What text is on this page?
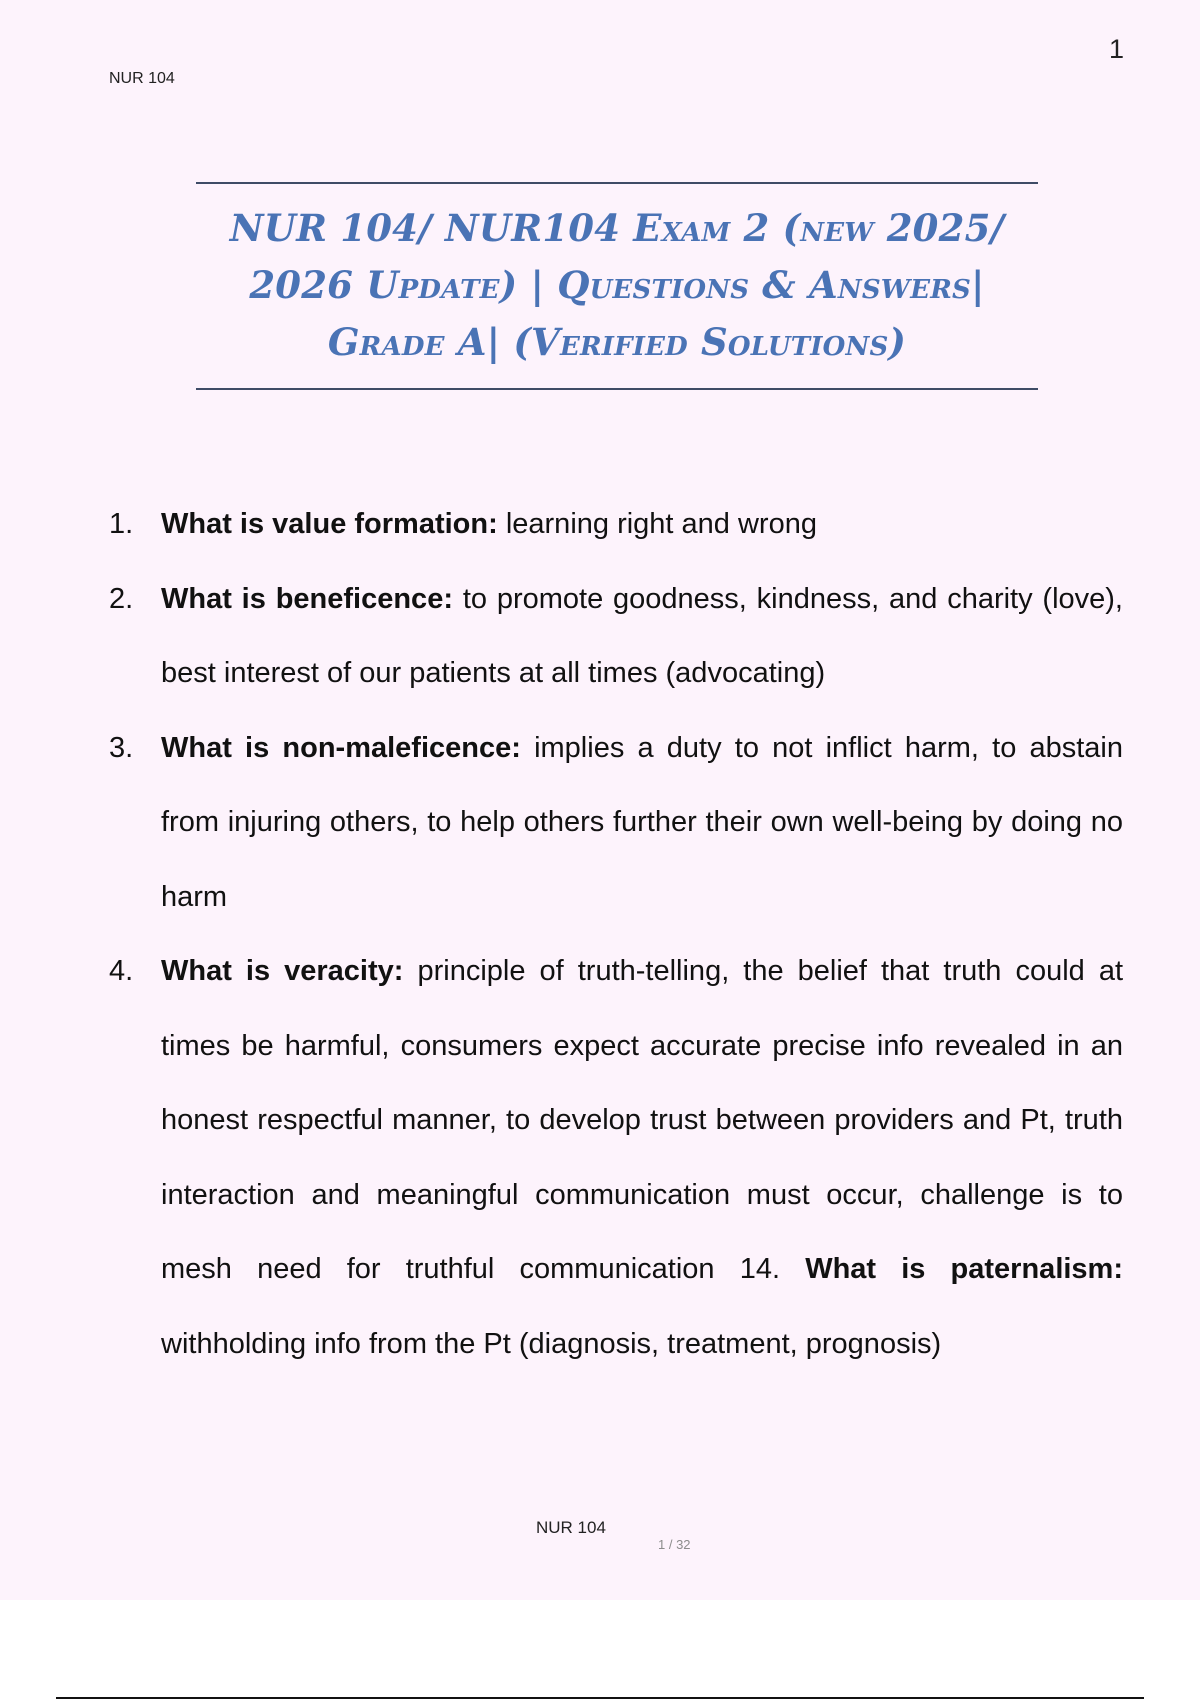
NUR 104
1
NUR 104/ NUR104 Exam 2 (new 2025/
2026 Update) | Questions & Answers|
Grade A| (Verified Solutions)
1. What is value formation: learning right and wrong
2. What is beneficence: to promote goodness, kindness, and charity (love), best interest of our patients at all times (advocating)
3. What is non-maleficence: implies a duty to not inflict harm, to abstain from injuring others, to help others further their own well-being by doing no harm
4. What is veracity: principle of truth-telling, the belief that truth could at times be harmful, consumers expect accurate precise info revealed in an honest respectful manner, to develop trust between providers and Pt, truth interaction and meaningful communication must occur, challenge is to mesh need for truthful communication 14. What is paternalism: withholding info from the Pt (diagnosis, treatment, prognosis)
NUR 104
1 / 32
